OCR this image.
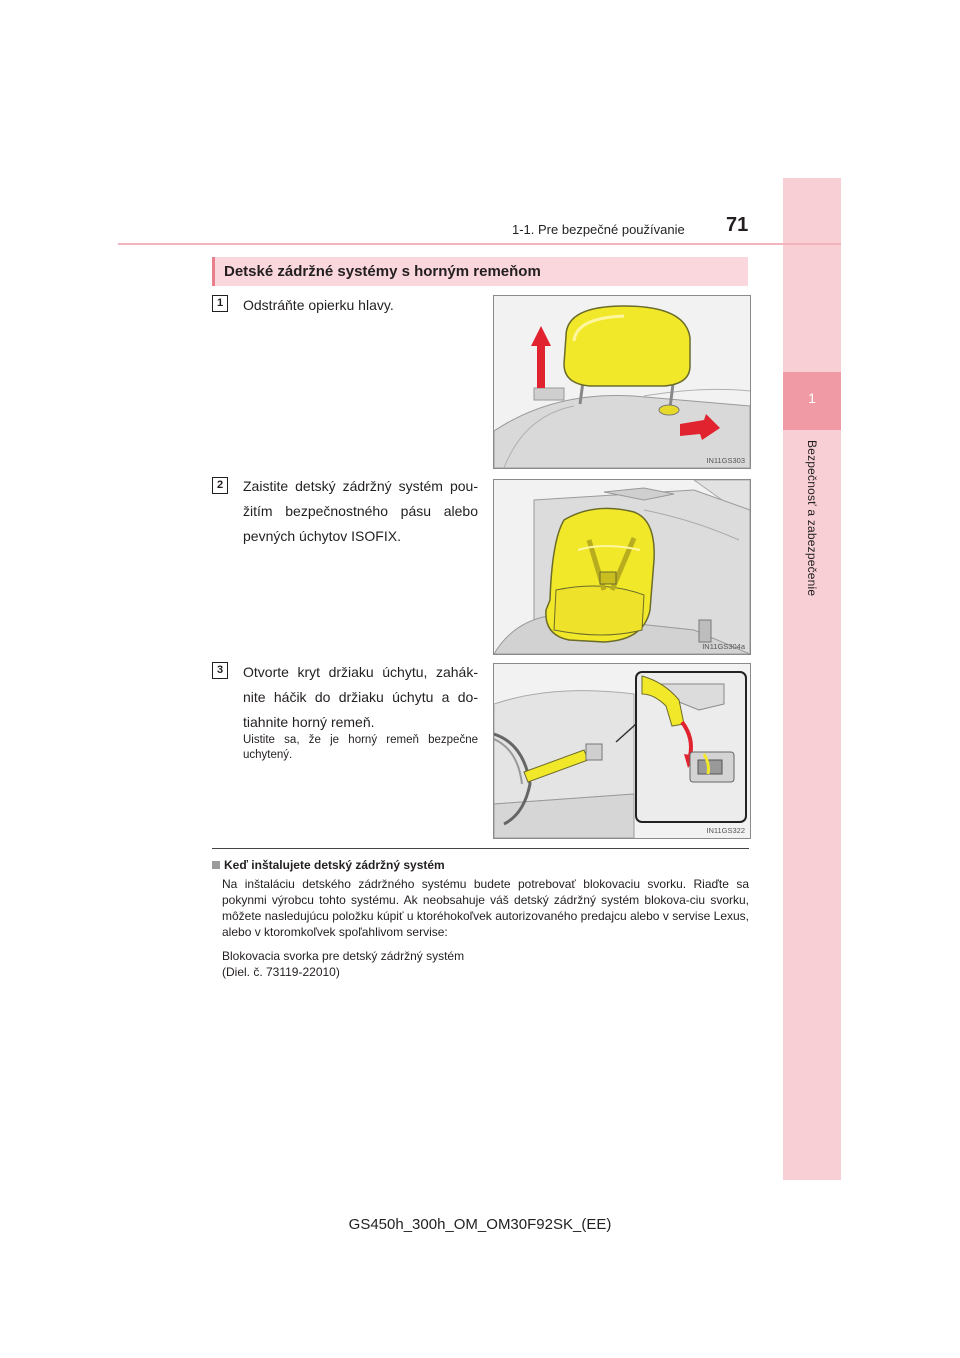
1
Bezpečnosť a zabezpečenie
1-1. Pre bezpečné používanie 71
Detské zádržné systémy s horným remeňom
1	Odstráňte opierku hlavy.
IN11GS303
2	Zaistite detský zádržný systém pou-žitím bezpečnostného pásu alebo pevných úchytov ISOFIX.
IN11GS304a
3	Otvorte kryt držiaku úchytu, zahák-nite háčik do držiaku úchytu a do-tiahnite horný remeň.
Uistite sa, že je horný remeň bezpečne uchytený.
IN11GS322
Keď inštalujete detský zádržný systém
Na inštaláciu detského zádržného systému budete potrebovať blokovaciu svorku. Riaďte sa pokynmi výrobcu tohto systému. Ak neobsahuje váš detský zádržný systém blokova-ciu svorku, môžete nasledujúcu položku kúpiť u ktoréhokoľvek autorizovaného predajcu alebo v servise Lexus, alebo v ktoromkoľvek spoľahlivom servise:
Blokovacia svorka pre detský zádržný systém
(Diel. č. 73119-22010)
GS450h_300h_OM_OM30F92SK_(EE)
